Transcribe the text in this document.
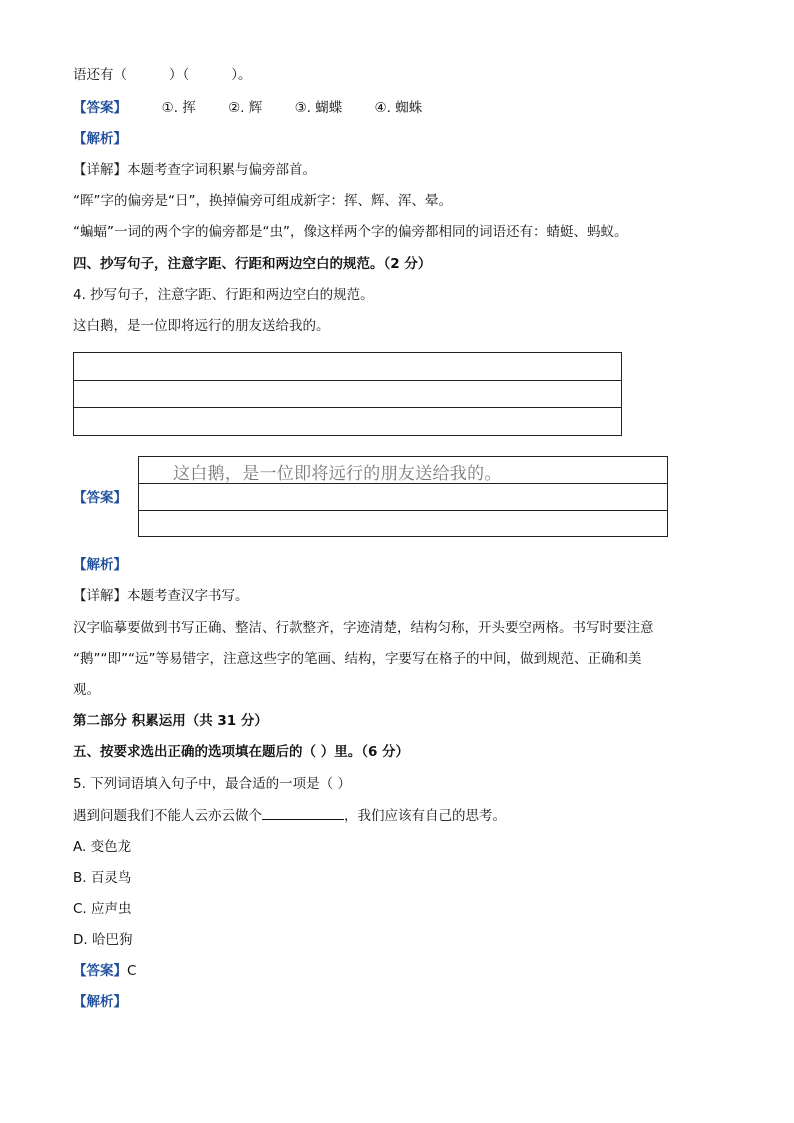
语还有（	）（	）。
【答案】	①. 挥 ②. 辉 ③. 蝴蝶 ④. 蜘蛛
【解析】
【详解】本题考查字词积累与偏旁部首。
“晖”字的偏旁是“日”，换掉偏旁可组成新字：挥、辉、浑、晕。
“蝙蝠”一词的两个字的偏旁都是“虫”，像这样两个字的偏旁都相同的词语还有：蜻蜓、蚂蚁。
四、抄写句子，注意字距、行距和两边空白的规范。（2 分）
4. 抄写句子，注意字距、行距和两边空白的规范。
这白鹅，是一位即将远行的朋友送给我的。
【答案】
这白鹅，是一位即将远行的朋友送给我的。
【解析】
【详解】本题考查汉字书写。
汉字临摹要做到书写正确、整洁、行款整齐，字迹清楚，结构匀称，开头要空两格。书写时要注意
“鹅”“即”“远”等易错字，注意这些字的笔画、结构，字要写在格子的中间，做到规范、正确和美
观。
第二部分 积累运用（共 31 分）
五、按要求选出正确的选项填在题后的（ ）里。（6 分）
5. 下列词语填入句子中，最合适的一项是（ ）
遇到问题我们不能人云亦云做个	，我们应该有自己的思考。
A. 变色龙
B. 百灵鸟
C. 应声虫
D. 哈巴狗
【答案】C
【解析】
